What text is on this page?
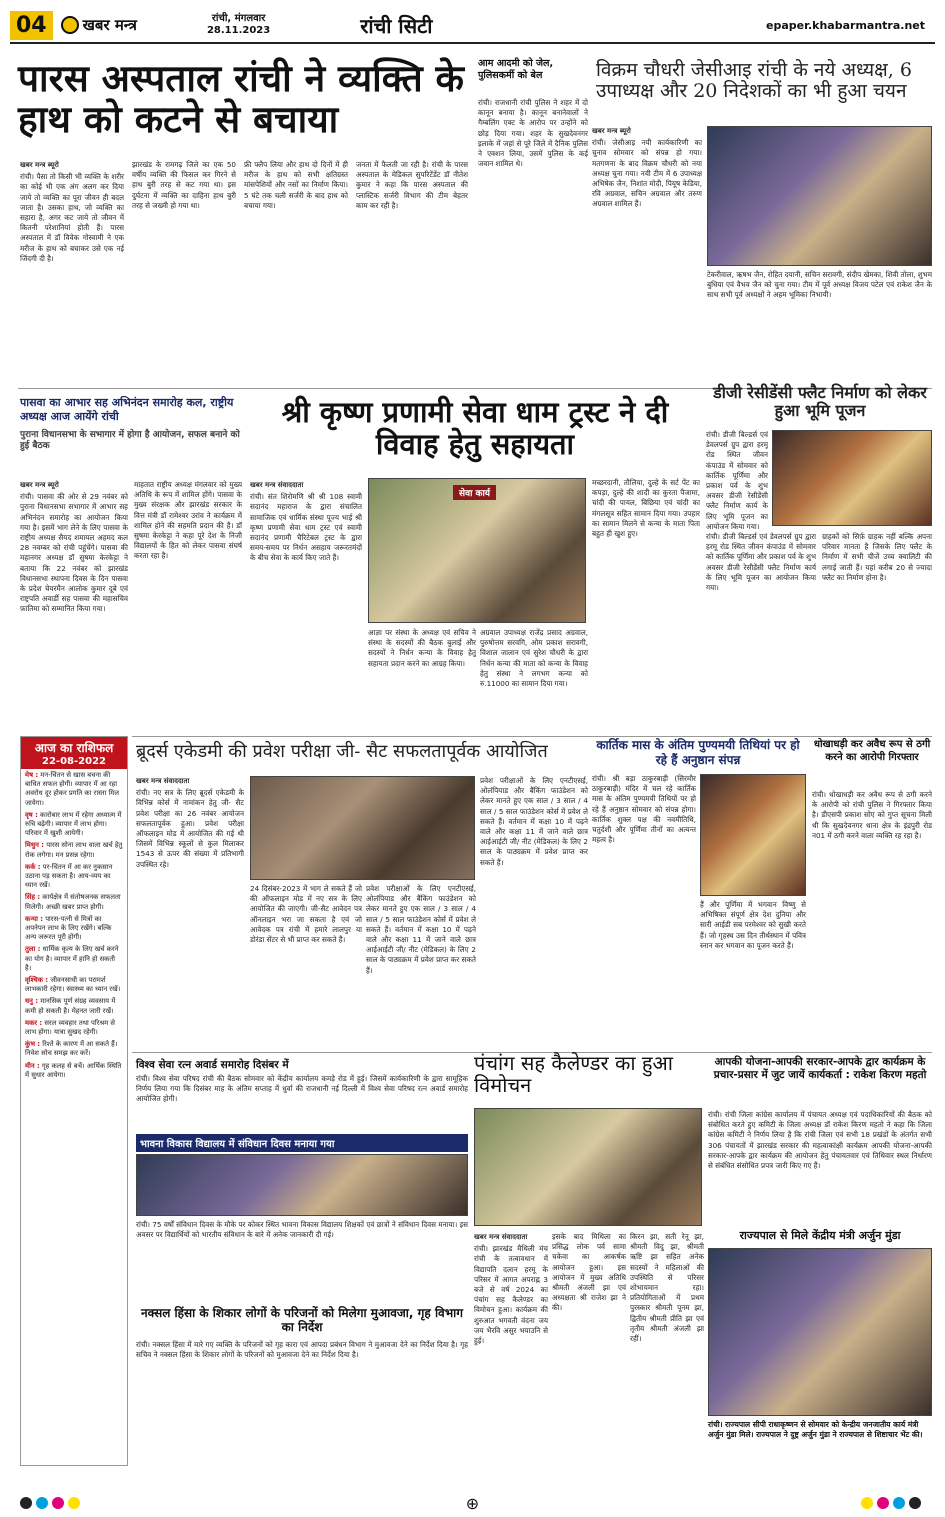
04	खबर मन्त्र	रांची, मंगलवार
28.11.2023	रांची सिटी	epaper.khabarmantra.net
पारस अस्पताल रांची ने व्यक्ति के हाथ को कटने से बचाया
खबर मन्त्र ब्यूरो
रांची। पैसा तो किसी भी व्यक्ति के शरीर का कोई भी एक अंग अलग कर दिया जाये तो व्यक्ति का पूरा जीवन ही बदल जाता है। उसका हाथ, जो व्यक्ति का सहारा है, अगर कट जाये तो जीवन में कितनी परेशानियां होती हैं। पारस अस्पताल में डॉ विवेक गोस्वामी ने एक मरीज के हाथ को बचाकर उसे एक नई जिंदगी दी है।
झारखंड के रामगढ़ जिले का एक 50 वर्षीय व्यक्ति की फिसल कर गिरने से हाथ बुरी तरह से कट गया था। इस दुर्घटना में व्यक्ति का दाहिना हाथ बुरी तरह से जख्मी हो गया था।
फ्री फ्लैप लिया और हाथ दो दिनों में ही मरीज के हाथ को सभी क्षतिग्रस्त मांसपेशियों और नसों का निर्माण किया। 5 घंटे तक चली सर्जरी के बाद हाथ को बचाया गया।
जनता में फैलती जा रही है। रांची के पारस अस्पताल के मेडिकल सुपरिटेंडेंट डॉ नीतेश कुमार ने कहा कि पारस अस्पताल की प्लास्टिक सर्जरी विभाग की टीम बेहतर काम कर रही है।
आम आदमी को जेल, पुलिसकर्मी को बेल
रांची। राजधानी रांची पुलिस ने शहर में दो कानून बनाया है। कानून बनानेवालों ने गैम्बलिंग एक्ट के आरोप पर उन्होंने को छोड़ दिया गया। शहर के सुखदेवनगर इलाके में जहां से पूरे जिले में दैनिक पुलिस ने एक्शन लिया, उसमें पुलिस के कई जवान शामिल थे।
विक्रम चौधरी जेसीआइ रांची के नये अध्यक्ष, 6 उपाध्यक्ष और 20 निदेशकों का भी हुआ चयन
खबर मन्त्र ब्यूरो
रांची। जेसीआइ नयी कार्यकारिणी का चुनाव सोमवार को संपन्न हो गया। मतगणना के बाद विक्रम चौधरी को नया अध्यक्ष चुना गया। नयी टीम में 6 उपाध्यक्ष अभिषेक जैन, निशांत मोदी, पियूष केडिया, रवि अग्रवाल, सचिन अग्रवाल और तरुण अग्रवाल शामिल हैं।
टेकरीवाल, ऋषभ जैन, रोहित दयानी, सचिन सरावगी, संदीप खेमका, शिवी तोला, शुभम बुधिया एवं वैभव जैन को चुना गया। टीम में पूर्व अध्यक्ष विजय पटेल एवं राकेश जैन के साथ सभी पूर्व अध्यक्षों ने अहम भूमिका निभायी।
पासवा का आभार सह अभिनंदन समारोह कल, राष्ट्रीय अध्यक्ष आज आयेंगे रांची
पुराना विधानसभा के सभागार में होगा है आयोजन, सफल बनाने को हुई बैठक
खबर मन्त्र ब्यूरो
रांची। पासवा की ओर से 29 नवंबर को पुराना विधानसभा सभागार में आभार सह अभिनंदन समारोह का आयोजन किया गया है। इसमें भाग लेने के लिए पासवा के राष्ट्रीय अध्यक्ष सैयद शमायल अहमद कल 28 नवम्बर को रांची पहुंचेंगे। पासवा की महानगर अध्यक्ष डॉ सुषमा केरकेट्टा ने बताया कि 22 नवंबर को झारखंड विधानसभा स्थापना दिवस के दिन पासवा के प्रदेश चेयरमैन आलोक कुमार दूबे एवं राष्ट्रपति अवार्डी सह पासवा की महासचिव फ़ातिमा को सम्मानित किया गया।
माहतात राष्ट्रीय अध्यक्ष मंगलवार को मुख्य अतिथि के रूप में शामिल होंगे। पासवा के मुख्य संरक्षक और झारखंड सरकार के वित्त मंत्री डॉ रामेश्वर उरांव ने कार्यक्रम में शामिल होने की सहमति प्रदान की है। डॉ सुषमा केरकेट्टा ने कहा पूरे देश के निजी विद्यालयों के हित को लेकर पासवा संघर्ष करता रहा है।
श्री कृष्ण प्रणामी सेवा धाम ट्रस्ट ने दी विवाह हेतु सहायता
खबर मन्त्र संवाददाता
रांची। संत शिरोमणि श्री श्री 108 स्वामी सदानंद महाराज के द्वारा संचालित सामाजिक एवं धार्मिक संस्था पूज्य भाई श्री कृष्ण प्रणामी सेवा धाम ट्रस्ट एवं स्वामी सदानंद प्रणामी चैरिटेबल ट्रस्ट के द्वारा समय-समय पर निर्धन असहाय जरूरतमंदों के बीच सेवा के कार्य किए जाते हैं।
सेवा कार्य
आज्ञा पर संस्था के अध्यक्ष एवं सचिव ने संस्था के सदस्यों की बैठक बुलाई और सदस्यों ने निर्धन कन्या के विवाह हेतु सहायता प्रदान करने का आग्रह किया।
अग्रवाल उपाध्यक्ष राजेंद्र प्रसाद अग्रवाल, पुरुषोत्तम सरवगि, ओम प्रकाश सरावगी, विशाल जालान एवं सुरेश चौधरी के द्वारा निर्धन कन्या की माता को कन्या के विवाह हेतु संस्था ने लगभग कन्या को रु.11000 का सामान दिया गया।
मच्छरदानी, तौलिया, दुल्हे के सर्ट पेंट का कपड़ा, दुल्हे की शादी का कुरता पैजामा, चांदी की पायल, बिछिया एवं चांदी का मंगलसूत्र सहित सामान दिया गया। उपहार का सामान मिलने से कन्या के माता पिता बहुत ही खुश हुए।
डीजी रेसीडेंसी फ्लैट निर्माण को लेकर हुआ भूमि पूजन
रांची। डीजी बिल्डर्स एवं डेवलपर्स ग्रुप द्वारा हरमू रोड स्थित जीवन कंपाउंड में सोमवार को कार्तिक पूर्णिमा और प्रकाश पर्व के शुभ अवसर डीजी रेसीडेंसी फ्लैट निर्माण कार्य के लिए भूमि पूजन का आयोजन किया गया।
रांची। डीजी बिल्डर्स एवं डेवलपर्स ग्रुप द्वारा हरमू रोड स्थित जीवन कंपाउंड में सोमवार को कार्तिक पूर्णिमा और प्रकाश पर्व के शुभ अवसर डीजी रेसीडेंसी फ्लैट निर्माण कार्य के लिए भूमि पूजन का आयोजन किया गया।
ग्राहकों को सिर्फ़ ग्राहक नहीं बल्कि अपना परिवार मानता है जिसके लिए फ्लैट के निर्माण में सभी चीजें उच्च क्वालिटी की लगाई जाती हैं। यहां करीब 20 से ज्यादा फ्लैट का निर्माण होना है।
आज का राशिफल
22-08-2022
मेष : मन-चिंतन से खास बचना की बाधित सफल होगी। व्यापार में आ रहा अवरोध दूर होकर प्रगति का रास्ता मिल जायेगा।
वृष : कारोबार लाभ में रहेगा अध्यात्म में रुचि बढ़ेगी। व्यापार में लाभ होगा। परिवार में खुशी आयेगी।
मिथुन : पारस सोना लाभ वाला खर्च हेतु रोक लगेगा। मन प्रसन्न रहेगा।
कर्क : पर-चिंतन में आ कर नुकसान उठाना पड़ सकता है। आय-व्यय का ध्यान रखें।
सिंह : कार्यक्षेत्र में संतोषजनक सफलता मिलेगी। अच्छी खबर प्राप्त होगी।
कन्या : पारस-पत्नी से मित्रों का अपनेपन लाभ के लिए रखेंगे। बल्कि अन्य जरूरत पूरी होगी।
तुला : धार्मिक कृत्य के लिए खर्च करने का योग है। व्यापार में हानि हो सकती है।
वृश्चिक : जीवनसाथी का परामर्श लाभकारी रहेगा। स्वास्थ्य का ध्यान रखें।
धनु : मानसिक पूर्ण संग्रह व्यवसाय में कमी हो सकती है। मेहनत जारी रखें।
मकर : सरल व्यवहार तथा परिश्रम से लाभ होगा। यात्रा सुखद रहेगी।
कुंभ : रिश्ते के कारण में आ सकते हैं। निवेश सोच समझ कर करें।
मीन : गृह कलह से बचें। आर्थिक स्थिति में सुधार आयेगा।
ब्रूदर्स एकेडमी की प्रवेश परीक्षा जी- सैट सफलतापूर्वक आयोजित
खबर मन्त्र संवाददाता
रांची। नए सत्र के लिए ब्रूदर्स एकेडमी के विभिन्न कोर्स में नामांकन हेतु जी- सैट प्रवेश परीक्षा का 26 नवंबर आयोजन सफलतापूर्वक हुआ। प्रवेश परीक्षा ऑफलाइन मोड में आयोजित की गई थी जिसमें विभिन्न स्कूलों से कुल मिलाकर 1543 से ऊपर की संख्या में प्रतिभागी उपस्थित रहे।
24 दिसंबर-2023 में भाग ले सकते हैं जो की ऑफलाइन मोड में नए सत्र के लिए आयोजित की जाएगी। जी-सैट आवेदन पत्र ऑनलाइन भरा जा सकता है एवं जो आवेदक पत्र रांची में हमारे लालपुर या डोरंडा सेंटर से भी प्राप्त कर सकते हैं।
प्रवेश परीक्षाओं के लिए एनटीएसई, ओलंपियाड और बैंकिंग फाउंडेशन को लेकर मानते हुए एक साल / 3 साल / 4 साल / 5 साल फाउंडेशन कोर्स में प्रवेश ले सकते हैं। वर्तमान में कक्षा 10 में पढ़ने वाले और कक्षा 11 में जाने वाले छात्र आईआईटी जी/ नीट (मेडिकल) के लिए 2 साल के पाठ्यक्रम में प्रवेश प्राप्त कर सकते हैं।
प्रवेश परीक्षाओं के लिए एनटीएसई, ओलंपियाड और बैंकिंग फाउंडेशन को लेकर मानते हुए एक साल / 3 साल / 4 साल / 5 साल फाउंडेशन कोर्स में प्रवेश ले सकते हैं। वर्तमान में कक्षा 10 में पढ़ने वाले और कक्षा 11 में जाने वाले छात्र आईआईटी जी/ नीट (मेडिकल) के लिए 2 साल के पाठ्यक्रम में प्रवेश प्राप्त कर सकते हैं।
कार्तिक मास के अंतिम पुण्यमयी तिथियां पर हो रहे हैं अनुष्ठान संपन्न
रांची। श्री बड़ा ठाकुरबाड़ी (सिरमौर ठाकुरबाड़ी) मंदिर में चल रहे कार्तिक मास के अंतिम पुण्यमयी तिथियों पर हो रहे हैं अनुष्ठान सोमवार को संपन्न होगा। कार्तिक शुक्ल पक्ष की नवमीतिथि, चतुर्दशी और पूर्णिमा तीनों का अत्यन्त महत्व है।
हैं और पूर्णिमा में भगवान विष्णु से अभिषिक्त संपूर्ण क्षेत्र देश दुनिया और सारी आईडी सब परमेश्वर को सुखी करते हैं। जो गृहस्थ उस दिन तीर्थस्थान में पवित्र स्नान कर भगवान का पूजन करते हैं।
धोखाधड़ी कर अवैध रूप से ठगी करने का आरोपी गिरफ्तार
रांची। धोखाधड़ी कर अवैध रूप से ठगी करने के आरोपी को रांची पुलिस ने गिरफ्तार किया है। डीएसपी प्रकाश सोए को गुप्त सूचना मिली थी कि सुखदेवनगर थाना क्षेत्र के इंद्रपुरी रोड न01 में ठगी करने वाला व्यक्ति रह रहा है।
विश्व सेवा रत्न अवार्ड समारोह दिसंबर में
रांची। विश्व सेवा परिषद रांची की बैठक सोमवार को केंद्रीय कार्यालय कमड़े रोड में हुई। जिसमें कार्यकारिणी के द्वारा सामूहिक निर्णय लिया गया कि दिसंबर माह के अंतिम सप्ताह में धुर्वा की राजधानी नई दिल्ली में विश्व सेवा परिषद रत्न अवार्ड समारोह आयोजित होगी।
भावना विकास विद्यालय में संविधान दिवस मनाया गया
रांची। 75 वर्षों संविधान दिवस के मौके पर कोकर स्थित भावना विकास विद्यालय शिक्षकों एवं छात्रों ने संविधान दिवस मनाया। इस अवसर पर विद्यार्थियों को भारतीय संविधान के बारे में अनेक जानकारी दी गई।
नक्सल हिंसा के शिकार लोगों के परिजनों को मिलेगा मुआवजा, गृह विभाग का निर्देश
रांची। नक्सल हिंसा में मारे गए व्यक्ति के परिजनों को गृह कारा एवं आपदा प्रबंधन विभाग ने मुआवजा देने का निर्देश दिया है। गृह सचिव ने नक्सल हिंसा के शिकार लोगों के परिजनों को मुआवजा देने का निर्देश दिया है।
पंचांग सह कैलेण्डर का हुआ विमोचन
खबर मन्त्र संवाददाता
रांची। झारखंड मैथिली मंच रांची के तत्वावधान में विद्यापति दलान हरमू के परिसर में आगत अपराह्न 3 बजे से वर्ष 2024 का पंचांग सह कैलेण्डर का विमोचन हुआ। कार्यक्रम की शुरुआत भगवती वंदना जय जय भैरवि असुर भयाउनि से हुई।
इसके बाद मिथिला का प्रसिद्ध लोक पर्व सामा चकेवा का आकर्षक आयोजन हुआ। इस आयोजन में मुख्य अतिथि श्रीमती अंजली झा एवं अध्यक्षता श्री राजेश झा ने की।
किरन झा, सती रेनू झा, श्रीमती विदु झा, श्रीमती ऋष्टि झा सहित अनेक सदस्यों ने महिलाओं की उपस्थिति से परिसर शोभायमान रहा। प्रतियोगिताओं में प्रथम पुरस्कार श्रीमती पूनम झा, द्वितीय श्रीमती प्रीति झा एवं तृतीय श्रीमती अंजली झा रहीं।
आपकी योजना-आपकी सरकार-आपके द्वार कार्यक्रम के प्रचार-प्रसार में जुट जायें कार्यकर्ता : राकेश किरण महतो
रांची। रांची जिला कांग्रेस कार्यालय में पंचायत अध्यक्ष एवं पदाधिकारियों की बैठक को संबोधित करते हुए कमिटी के जिला अध्यक्ष डॉ राकेश किरण महतो ने कहा कि जिला कांग्रेस कमिटी ने निर्णय लिया है कि रांची जिला एवं सभी 18 प्रखंडों के अंतर्गत सभी 306 पंचायतों में झारखंड सरकार की महत्वाकांक्षी कार्यक्रम आपकी योजना-आपकी सरकार-आपके द्वार कार्यक्रम की आयोजन हेतु पंचायतवार एवं तिथिवार स्थल निर्धारण से संबंधित संसोधित प्रपत्र जारी किए गए हैं।
राज्यपाल से मिले केंद्रीय मंत्री अर्जुन मुंडा
रांची। राज्यपाल सीपी राधाकृष्णन से सोमवार को केन्द्रीय जनजातीय कार्य मंत्री अर्जुन मुंडा मिले। राज्यपाल ने दुष्ट्र अर्जुन मुंडा ने राज्यपाल से शिष्टाचार भेंट की।
⊕
